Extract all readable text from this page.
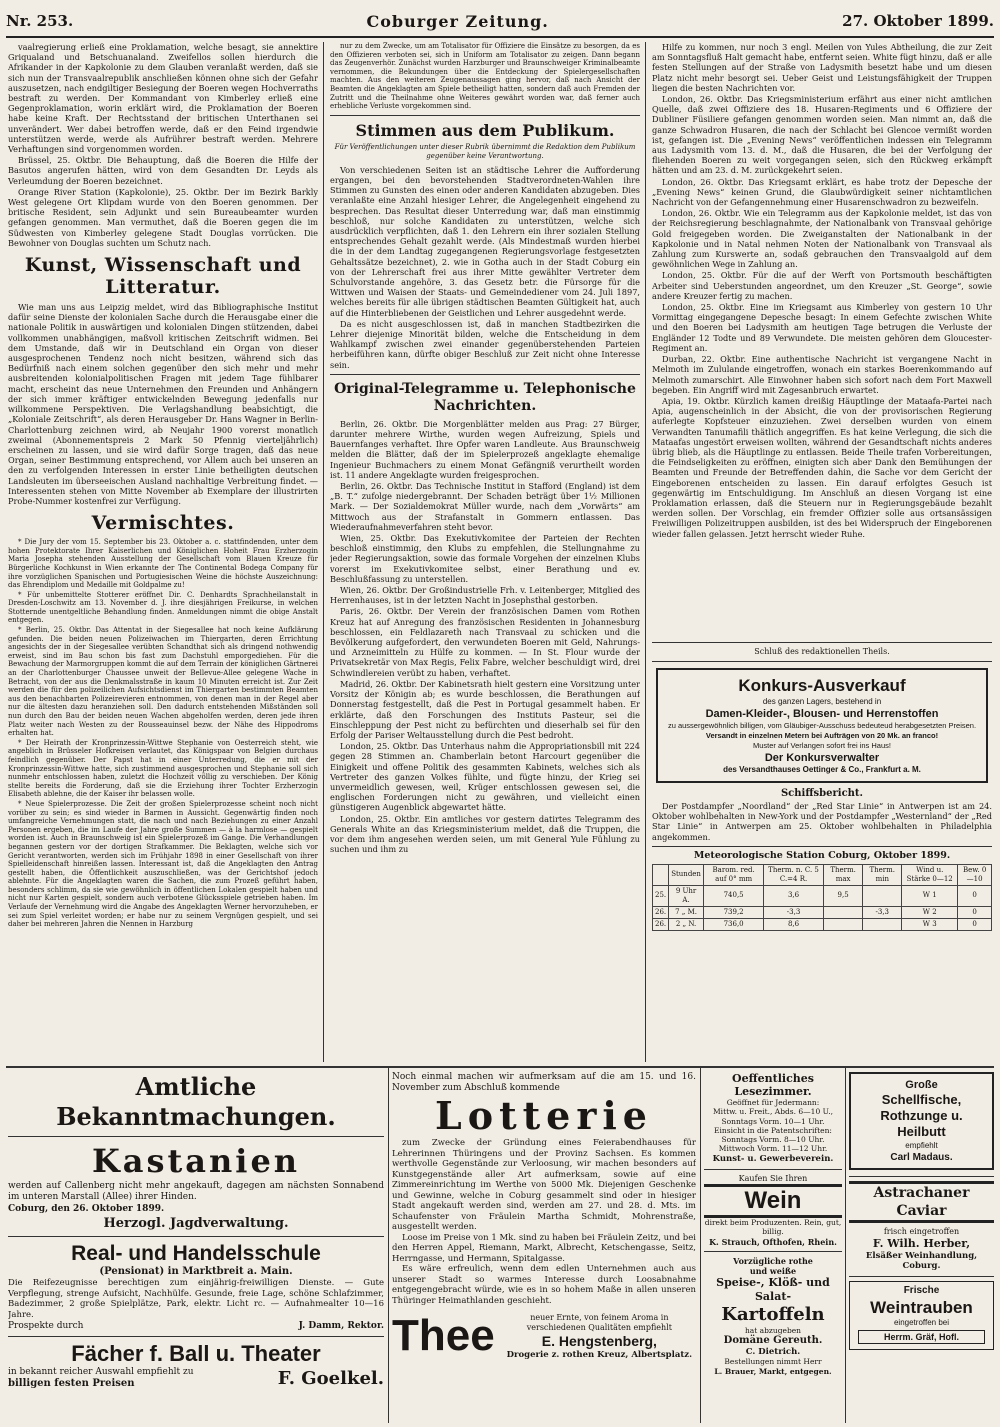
Nr. 253.	Coburger Zeitung.	27. Oktober 1899.

vaalregierung erließ eine Proklamation, welche besagt, sie annektire Griqualand und Betschuanaland. Zweifellos sollen hierdurch die Afrikander in der Kapkolonie zu dem Glauben veranlaßt werden, daß sie sich nun der Transvaalrepublik anschließen können ohne sich der Gefahr auszusetzen, nach endgiltiger Besiegung der Boeren wegen Hochverraths bestraft zu werden. Der Kommandant von Kimberley erließ eine Gegenproklamation, worin erklärt wird, die Proklamation der Boeren habe keine Kraft. Der Rechtsstand der britischen Unterthanen sei unverändert. Wer dabei betroffen werde, daß er den Feind irgendwie unterstützen werde, werde als Aufrührer bestraft werden. Mehrere Verhaftungen sind vorgenommen worden.

Brüssel, 25. Oktbr. Die Behauptung, daß die Boeren die Hilfe der Basutos angerufen hätten, wird von dem Gesandten Dr. Leyds als Verleumdung der Boeren bezeichnet.

Orange River Station (Kapkolonie), 25. Oktbr. Der im Bezirk Barkly West gelegene Ort Klipdam wurde von den Boeren genommen. Der britische Resident, sein Adjunkt und sein Bureaubeamter wurden gefangen genommen. Man vermuthet, daß die Boeren gegen die im Südwesten von Kimberley gelegene Stadt Douglas vorrücken. Die Bewohner von Douglas suchten um Schutz nach.

Kunst, Wissenschaft und Litteratur.

Wie man uns aus Leipzig meldet, wird das Bibliographische Institut dafür seine Dienste der kolonialen Sache durch die Herausgabe einer die nationale Politik in auswärtigen und kolonialen Dingen stützenden, dabei vollkommen unabhängigen, maßvoll kritischen Zeitschrift widmen. Bei dem Umstande, daß wir in Deutschland ein Organ von dieser ausgesprochenen Tendenz noch nicht besitzen, während sich das Bedürfniß nach einem solchen gegenüber den sich mehr und mehr ausbreitenden kolonialpolitischen Fragen mit jedem Tage fühlbarer macht, erscheint das neue Unternehmen den Freunden und Anhängern der sich immer kräftiger entwickelnden Bewegung jedenfalls nur willkommene Perspektiven. Die Verlagshandlung beabsichtigt, die „Koloniale Zeitschrift“, als deren Herausgeber Dr. Hans Wagner in Berlin-Charlottenburg zeichnen wird, ab Neujahr 1900 vorerst monatlich zweimal (Abonnementspreis 2 Mark 50 Pfennig vierteljährlich) erscheinen zu lassen, und sie wird dafür Sorge tragen, daß das neue Organ, seiner Bestimmung entsprechend, vor Allem auch bei unseren an den zu verfolgenden Interessen in erster Linie betheiligten deutschen Landsleuten im überseeischen Ausland nachhaltige Verbreitung findet. — Interessenten stehen von Mitte November ab Exemplare der illustrirten Probe-Nummer kostenfrei zur Verfügung.

Vermischtes.

* Die Jury der vom 15. September bis 23. Oktober a. c. stattfindenden, unter dem hohen Protektorate Ihrer Kaiserlichen und Königlichen Hoheit Frau Erzherzogin Maria Josepha stehenden Ausstellung der Gesellschaft vom Blauen Kreuze für Bürgerliche Kochkunst in Wien erkannte der The Continental Bodega Company für ihre vorzüglichen Spanischen und Portugiesischen Weine die höchste Auszeichnung: das Ehrendiplom und Medaille mit Goldpalme zu!

* Für unbemittelte Stotterer eröffnet Dir. C. Denhardts Sprachheilanstalt in Dresden-Loschwitz am 13. November d. J. ihre diesjährigen Freikurse, in welchen Stotternde unentgeltliche Behandlung finden. Anmeldungen nimmt die obige Anstalt entgegen.

* Berlin, 25. Oktbr. Das Attentat in der Siegesallee hat noch keine Aufklärung gefunden. Die beiden neuen Polizeiwachen im Thiergarten, deren Errichtung angesichts der in der Siegesallee verübten Schandthat sich als dringend nothwendig erweist, sind im Bau schon bis fast zum Dachstuhl emporgediehen. Für die Bewachung der Marmorgruppen kommt die auf dem Terrain der königlichen Gärtnerei an der Charlottenburger Chaussee unweit der Bellevue-Allee gelegene Wache in Betracht, von der aus die Denkmalsstraße in kaum 10 Minuten erreicht ist. Zur Zeit werden die für den polizeilichen Aufsichtsdienst im Thiergarten bestimmten Beamten aus den benachbarten Polizeirevieren entnommen, von denen man in der Regel aber nur die ältesten dazu heranziehen soll. Den dadurch entstehenden Mißständen soll nun durch den Bau der beiden neuen Wachen abgeholfen werden, deren jede ihren Platz weiter nach Westen zu der Rousseauinsel bezw. der Nähe des Hippodroms erhalten hat.

* Der Heirath der Kronprinzessin-Wittwe Stephanie von Oesterreich steht, wie angeblich in Brüsseler Hofkreisen verlautet, das Königspaar von Belgien durchaus feindlich gegenüber. Der Papst hat in einer Unterredung, die er mit der Kronprinzessin-Wittwe hatte, sich zustimmend ausgesprochen und Stephanie soll sich nunmehr entschlossen haben, zuletzt die Hochzeit völlig zu verschieben. Der König stellte bereits die Forderung, daß sie die Erziehung ihrer Tochter Erzherzogin Elisabeth ablehne, die der Kaiser ihr belassen wolle.

* Neue Spielerprozesse. Die Zeit der großen Spielerprozesse scheint noch nicht vorüber zu sein; es sind wieder in Barmen in Aussicht. Gegenwärtig finden noch umfangreiche Vernehmungen statt, die nach und nach Beziehungen zu einer Anzahl Personen ergeben, die im Laufe der Jahre große Summen — à la harmlose — gespielt worden ist. Auch in Braunschweig ist ein Spielerprozeß im Gange. Die Verhandlungen begannen gestern vor der dortigen Strafkammer. Die Beklagten, welche sich vor Gericht verantworten, werden sich im Frühjahr 1898 in einer Gesellschaft von ihrer Spielleidenschaft hinreißen lassen. Interessant ist, daß die Angeklagten den Antrag gestellt haben, die Öffentlichkeit auszuschließen, was der Gerichtshof jedoch ablehnte. Für die Angeklagten waren die Sachen, die zum Prozeß geführt haben, besonders schlimm, da sie wie gewöhnlich in öffentlichen Lokalen gespielt haben und nicht nur Karten gespielt, sondern auch verbotene Glücksspiele getrieben haben. Im Verlaufe der Vernehmung wird die Angabe des Angeklagten Werner hervorzuheben, er sei zum Spiel verleitet worden; er habe nur zu seinem Vergnügen gespielt, und sei daher bei mehreren Jahren die Nennen in Harzburg

nur zu dem Zwecke, um am Totalisator für Offiziere die Einsätze zu besorgen, da es den Offizieren verboten sei, sich in Uniform am Totalisator zu zeigen. Dann begann das Zeugenverhör. Zunächst wurden Harzburger und Braunschweiger Kriminalbeamte vernommen, die Bekundungen über die Entdeckung der Spielergesellschaften machten. Aus den weiteren Zeugenaussagen ging hervor, daß nach Ansicht der Beamten die Angeklagten am Spiele betheiligt hatten, sondern daß auch Fremden der Zutritt und die Theilnahme ohne Weiteres gewährt worden war, daß ferner auch erhebliche Verluste vorgekommen sind.

Stimmen aus dem Publikum.
Für Veröffentlichungen unter dieser Rubrik übernimmt die Redaktion dem Publikum gegenüber keine Verantwortung.

Von verschiedenen Seiten ist an städtische Lehrer die Aufforderung ergangen, bei den bevorstehenden Stadtverordneten-Wahlen ihre Stimmen zu Gunsten des einen oder anderen Kandidaten abzugeben. Dies veranlaßte eine Anzahl hiesiger Lehrer, die Angelegenheit eingehend zu besprechen. Das Resultat dieser Unterredung war, daß man einstimmig beschloß, nur solche Kandidaten zu unterstützen, welche sich ausdrücklich verpflichten, daß 1. den Lehrern ein ihrer sozialen Stellung entsprechendes Gehalt gezahlt werde. (Als Mindestmaß wurden hierbei die in der dem Landtag zugegangenen Regierungsvorlage festgesetzten Gehaltssätze bezeichnet), 2. wie in Gotha auch in der Stadt Coburg ein von der Lehrerschaft frei aus ihrer Mitte gewählter Vertreter dem Schulvorstande angehöre, 3. das Gesetz betr. die Fürsorge für die Wittwen und Waisen der Staats- und Gemeindediener vom 24. Juli 1897, welches bereits für alle übrigen städtischen Beamten Gültigkeit hat, auch auf die Hinterbliebenen der Geistlichen und Lehrer ausgedehnt werde.

Da es nicht ausgeschlossen ist, daß in manchen Stadtbezirken die Lehrer diejenige Minorität bilden, welche die Entscheidung in dem Wahlkampf zwischen zwei einander gegenüberstehenden Parteien herbeiführen kann, dürfte obiger Beschluß zur Zeit nicht ohne Interesse sein.

Original-Telegramme u. Telephonische Nachrichten.

Berlin, 26. Oktbr. Die Morgenblätter melden aus Prag: 27 Bürger, darunter mehrere Wirthe, wurden wegen Aufreizung, Spiels und Bauernfanges verhaftet. Ihre Opfer waren Landleute. Aus Braunschweig melden die Blätter, daß der im Spielerprozeß angeklagte ehemalige Ingenieur Buchmachers zu einem Monat Gefängniß verurtheilt worden ist. 11 andere Angeklagte wurden freigesprochen.

Berlin, 26. Oktbr. Das Technische Institut in Stafford (England) ist dem „B. T.“ zufolge niedergebrannt. Der Schaden beträgt über 1½ Millionen Mark. — Der Sozialdemokrat Müller wurde, nach dem „Vorwärts“ am Mittwoch aus der Strafanstalt in Gommern entlassen. Das Wiederaufnahmeverfahren steht bevor.

Wien, 25. Oktbr. Das Exekutivkomitee der Parteien der Rechten beschloß einstimmig, den Klubs zu empfehlen, die Stellungnahme zu jeder Regierungsaktion, sowie das formale Vorgehen der einzelnen Klubs vorerst im Exekutivkomitee selbst, einer Berathung und ev. Beschlußfassung zu unterstellen.

Wien, 26. Oktbr. Der Großindustrielle Frh. v. Leitenberger, Mitglied des Herrenhauses, ist in der letzten Nacht in Josephsthal gestorben.

Paris, 26. Oktbr. Der Verein der französischen Damen vom Rothen Kreuz hat auf Anregung des französischen Residenten in Johannesburg beschlossen, ein Feldlazareth nach Transvaal zu schicken und die Bevölkerung aufgefordert, den verwundeten Boeren mit Geld, Nahrungs- und Arzneimitteln zu Hülfe zu kommen. — In St. Flour wurde der Privatsekretär von Max Regis, Felix Fabre, welcher beschuldigt wird, drei Schwindlereien verübt zu haben, verhaftet.

Madrid, 26. Oktbr. Der Kabinetsrath hielt gestern eine Vorsitzung unter Vorsitz der Königin ab; es wurde beschlossen, die Berathungen auf Donnerstag festgestellt, daß die Pest in Portugal gesammelt haben. Er erklärte, daß den Forschungen des Instituts Pasteur, sei die Einschleppung der Pest nicht zu befürchten und dieserhalb sei für den Erfolg der Pariser Weltausstellung durch die Pest bedroht.

London, 25. Oktbr. Das Unterhaus nahm die Appropriationsbill mit 224 gegen 28 Stimmen an. Chamberlain betont Harcourt gegenüber die Einigkeit und offene Politik des gesammten Kabinets, welches sich als Vertreter des ganzen Volkes fühlte, und fügte hinzu, der Krieg sei unvermeidlich gewesen, weil, Krüger entschlossen gewesen sei, die englischen Forderungen nicht zu gewähren, und vielleicht einen günstigeren Augenblick abgewartet hätte.

London, 25. Oktbr. Ein amtliches vor gestern datirtes Telegramm des Generals White an das Kriegsministerium meldet, daß die Truppen, die vor dem ihm angesehen werden seien, um mit General Yule Fühlung zu suchen und ihm zu

Hilfe zu kommen, nur noch 3 engl. Meilen von Yules Abtheilung, die zur Zeit am Sonntagsfluß Halt gemacht habe, entfernt seien. White fügt hinzu, daß er alle festen Stellungen auf der Straße von Ladysmith besetzt habe und um diesen Platz nicht mehr besorgt sei. Ueber Geist und Leistungsfähigkeit der Truppen liegen die besten Nachrichten vor.

London, 26. Oktbr. Das Kriegsministerium erfährt aus einer nicht amtlichen Quelle, daß zwei Offiziere des 18. Husaren-Regiments und 6 Offiziere der Dubliner Füsiliere gefangen genommen worden seien. Man nimmt an, daß die ganze Schwadron Husaren, die nach der Schlacht bei Glencoe vermißt worden ist, gefangen ist. Die „Evening News“ veröffentlichen indessen ein Telegramm aus Ladysmith vom 13. d. M., daß die Husaren, die bei der Verfolgung der fliehenden Boeren zu weit vorgegangen seien, sich den Rückweg erkämpft hätten und am 23. d. M. zurückgekehrt seien.

London, 26. Oktbr. Das Kriegsamt erklärt, es habe trotz der Depesche der „Evening News“ keinen Grund, die Glaubwürdigkeit seiner nichtamtlichen Nachricht von der Gefangennehmung einer Husarenschwadron zu bezweifeln.

London, 26. Oktbr. Wie ein Telegramm aus der Kapkolonie meldet, ist das von der Reichsregierung beschlagnahmte, der Nationalbank von Transvaal gehörige Gold freigegeben worden. Die Zweiganstalten der Nationalbank in der Kapkolonie und in Natal nehmen Noten der Nationalbank von Transvaal als Zahlung zum Kurswerte an, sodaß gebrauchen den Transvaalgold auf dem gewöhnlichen Wege in Zahlung an.

London, 25. Oktbr. Für die auf der Werft von Portsmouth beschäftigten Arbeiter sind Ueberstunden angeordnet, um den Kreuzer „St. George“, sowie andere Kreuzer fertig zu machen.

London, 25. Oktbr. Eine im Kriegsamt aus Kimberley von gestern 10 Uhr Vormittag eingegangene Depesche besagt: In einem Gefechte zwischen White und den Boeren bei Ladysmith am heutigen Tage betrugen die Verluste der Engländer 12 Todte und 89 Verwundete. Die meisten gehören dem Gloucester-Regiment an.

Durban, 22. Oktbr. Eine authentische Nachricht ist vergangene Nacht in Melmoth im Zululande eingetroffen, wonach ein starkes Boerenkommando auf Melmoth zumarschirt. Alle Einwohner haben sich sofort nach dem Fort Maxwell begeben. Ein Angriff wird mit Zagesanbruch erwartet.

Apia, 19. Oktbr. Kürzlich kamen dreißig Häuptlinge der Mataafa-Partei nach Apia, augenscheinlich in der Absicht, die von der provisorischen Regierung auferlegte Kopfsteuer einzuziehen. Zwei derselben wurden von einem Verwandten Tanumafili thätlich angegriffen. Es hat keine Verlegung, die sich die Mataafas ungestört erweisen wollten, während der Gesandtschaft nichts anderes übrig blieb, als die Häuptlinge zu entlassen. Beide Theile trafen Vorbereitungen, die Feindseligkeiten zu eröffnen, einigten sich aber Dank den Bemühungen der Beamten und Freunde der Betreffenden dahin, die Sache vor dem Gericht der Eingeborenen entscheiden zu lassen. Ein darauf erfolgtes Gesuch ist gegenwärtig im Entschuldigung. Im Anschluß an diesen Vorgang ist eine Proklamation erlassen, daß die Steuern nur in Regierungsgebäude bezahlt werden sollen. Der Vorschlag, ein fremder Offizier solle aus ortsansässigen Freiwilligen Polizeitruppen ausbilden, ist des bei Widerspruch der Eingeborenen wieder fallen gelassen. Jetzt herrscht wieder Ruhe.

Schluß des redaktionellen Theils.
Konkurs-Ausverkauf
des ganzen Lagers, bestehend in
Damen-Kleider-, Blousen- und Herrenstoffen
zu aussergewöhnlich billigen, vom Gläubiger-Ausschuss bedeuteud herabgesetzten Preisen.
Versandt in einzelnen Metern bei Aufträgen von 20 Mk. an franco!
Muster auf Verlangen sofort frei ins Haus!
Der Konkursverwalter
des Versandthauses Oettinger & Co., Frankfurt a. M.
Schiffsbericht.

Der Postdampfer „Noordland“ der „Red Star Linie“ in Antwerpen ist am 24. Oktober wohlbehalten in New-York und der Postdampfer „Westernland“ der „Red Star Linie“ in Antwerpen am 25. Oktober wohlbehalten in Philadelphia angekommen.

Meteorologische Station Coburg, Oktober 1899.
	Stunden	Barom. red. auf 0° mm	Therm. n. C. 5 C.=4 R.	Therm. max	Therm. min	Wind u. Stärke 0—12	Bew. 0—10
25.	9 Uhr A.	740,5	3,6	9,5		W 1	0
26.	7 „ M.	739,2	-3,3		-3,3	W 2	0
26.	2 „ N.	736,0	8,6			W 3	0
Amtliche Bekanntmachungen.
Kastanien
werden auf Callenberg nicht mehr angekauft, dagegen am nächsten Sonnabend im unteren Marstall (Allee) ihrer Hinden.
Coburg, den 26. Oktober 1899.
Herzogl. Jagdverwaltung.
Real- und Handelsschule
(Pensionat) in Marktbreit a. Main.
Die Reifezeugnisse berechtigen zum einjährig-freiwilligen Dienste. — Gute Verpflegung, strenge Aufsicht, Nachhülfe. Gesunde, freie Lage, schöne Schlafzimmer, Badezimmer, 2 große Spielplätze, Park, elektr. Licht rc. — Aufnahmealter 10—16 Jahre.
Prospekte durch	J. Damm, Rektor.
Fächer f. Ball u. Theater
in bekannt reicher Auswahl empfiehlt zu
billigen festen Preisen	F. Goelkel.
Noch einmal machen wir aufmerksam auf die am 15. und 16. November zum Abschluß kommende
Lotterie
zum Zwecke der Gründung eines Feierabendhauses für Lehrerinnen Thüringens und der Provinz Sachsen. Es kommen werthvolle Gegenstände zur Verloosung, wir machen besonders auf Kunstgegenstände aller Art aufmerksam, sowie auf eine Zimmereinrichtung im Werthe von 5000 Mk. Diejenigen Geschenke und Gewinne, welche in Coburg gesammelt sind oder in hiesiger Stadt angekauft werden sind, werden am 27. und 28. d. Mts. im Schaufenster von Fräulein Martha Schmidt, Mohrenstraße, ausgestellt werden.
Loose im Preise von 1 Mk. sind zu haben bei Fräulein Zeitz, und bei den Herren Appel, Riemann, Markt, Albrecht, Ketschengasse, Seitz, Herrngasse, und Hermann, Spitalgasse.
Es wäre erfreulich, wenn dem edlen Unternehmen auch aus unserer Stadt so warmes Interesse durch Loosabnahme entgegengebracht würde, wie es in so hohem Maße in allen unseren Thüringer Heimathlanden geschieht.
Thee	neuer Ernte, von feinem Aroma in verschiedenen Qualitäten empfiehlt
E. Hengstenberg,
Drogerie z. rothen Kreuz, Albertsplatz.
Oeffentliches Lesezimmer.
Geöffnet für Jedermann:
Mittw. u. Freit., Abds. 6—10 U.,
Sonntags Vorm. 10—1 Uhr.
Einsicht in die Patentschriften:
Sonntags Vorm. 8—10 Uhr.
Mittwoch Vorm. 11—12 Uhr.
Kunst- u. Gewerbeverein.
Kaufen Sie Ihren
Wein
direkt beim Produzenten. Rein, gut, billig.
K. Strauch, Ofthofen, Rhein.
Vorzügliche rothe
und weiße
Speise-, Klöß- und Salat-
Kartoffeln
hat abzugeben
Domäne Gereuth.
C. Dietrich.
Bestellungen nimmt Herr
L. Brauer, Markt, entgegen.
Große
Schellfische,
Rothzunge u.
Heilbutt
empfiehlt
Carl Madaus.
Astrachaner Caviar
frisch eingetroffen
F. Wilh. Herber,
Elsäßer Weinhandlung,
Coburg.
Frische
Weintrauben
eingetroffen bei
Herrm. Gräf, Hofl.
